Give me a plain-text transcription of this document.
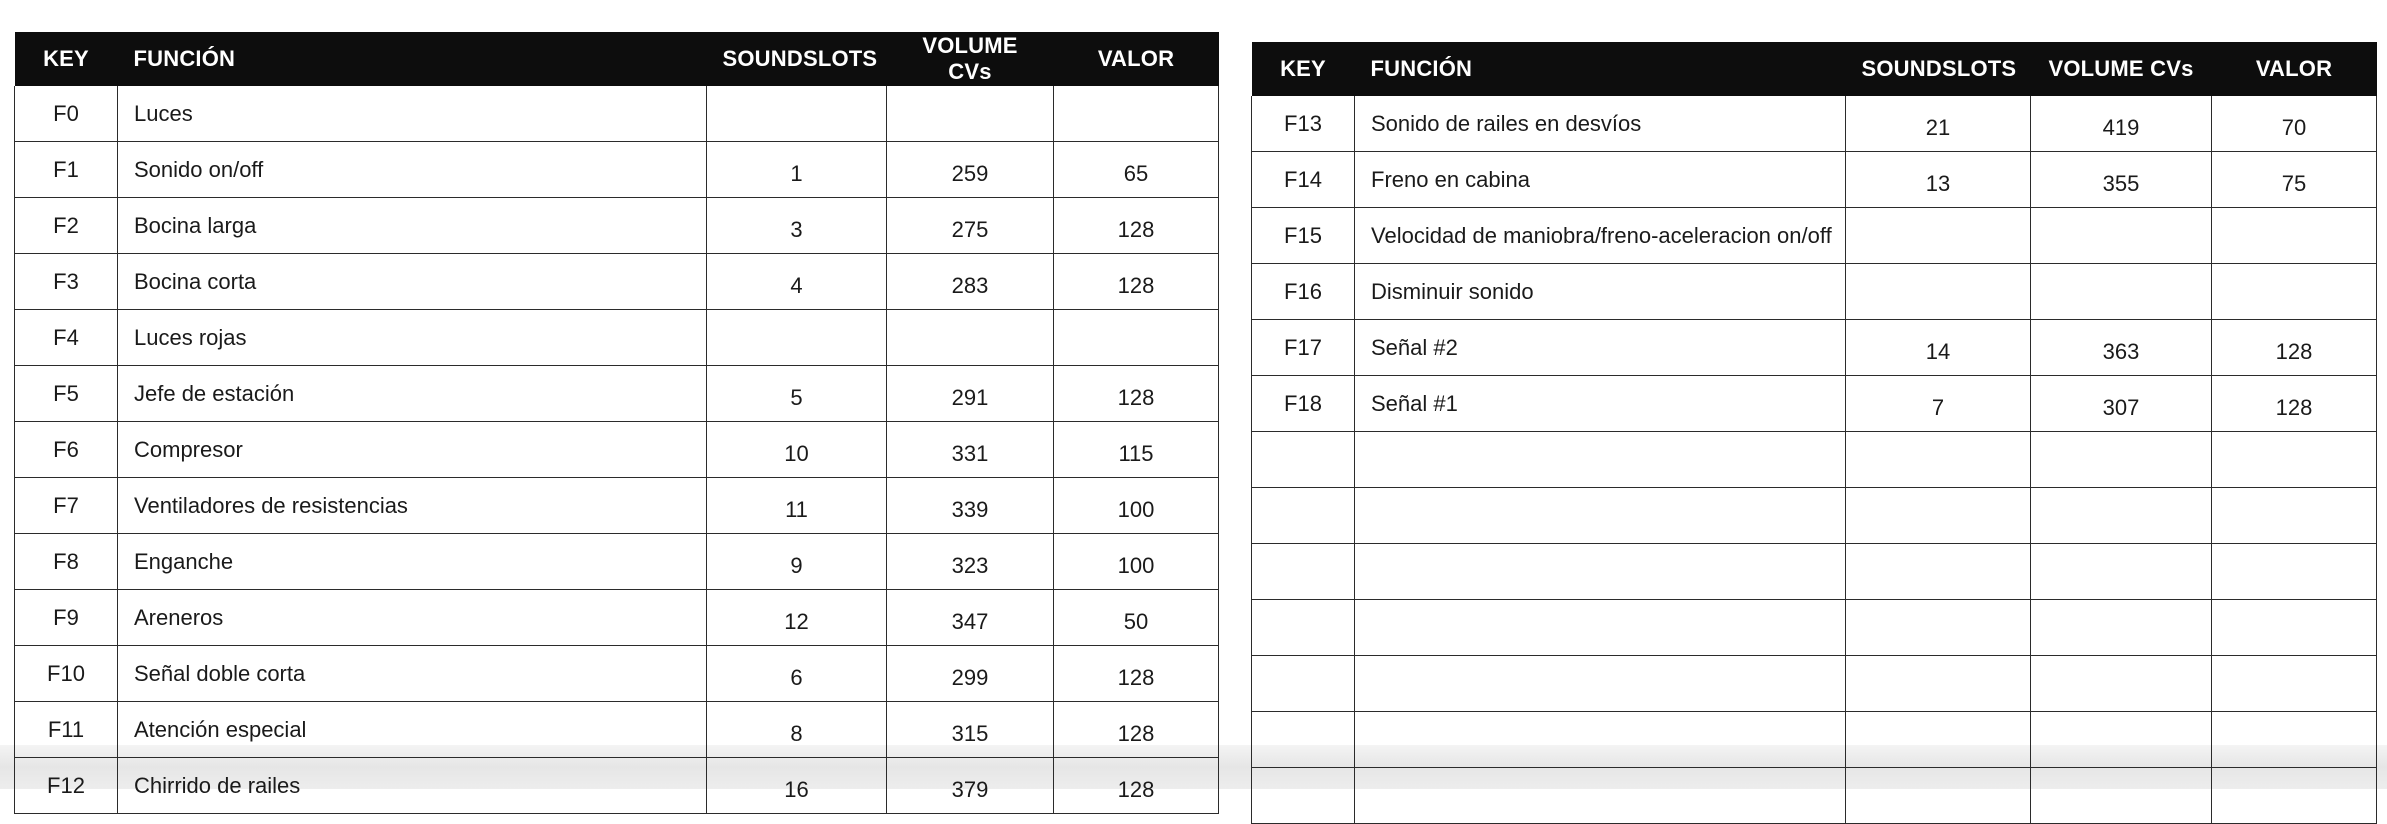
KEY	FUNCIÓN	SOUNDSLOTS	VOLUME CVs	VALOR
F0	Luces			
F1	Sonido on/off	1	259	65
F2	Bocina larga	3	275	128
F3	Bocina corta	4	283	128
F4	Luces rojas			
F5	Jefe de estación	5	291	128
F6	Compresor	10	331	115
F7	Ventiladores de resistencias	11	339	100
F8	Enganche	9	323	100
F9	Areneros	12	347	50
F10	Señal doble corta	6	299	128
F11	Atención especial	8	315	128
F12	Chirrido de railes	16	379	128
KEY	FUNCIÓN	SOUNDSLOTS	VOLUME CVs	VALOR
F13	Sonido de railes en desvíos	21	419	70
F14	Freno en cabina	13	355	75
F15	Velocidad de maniobra/freno-aceleracion on/off			
F16	Disminuir sonido			
F17	Señal #2	14	363	128
F18	Señal #1	7	307	128
